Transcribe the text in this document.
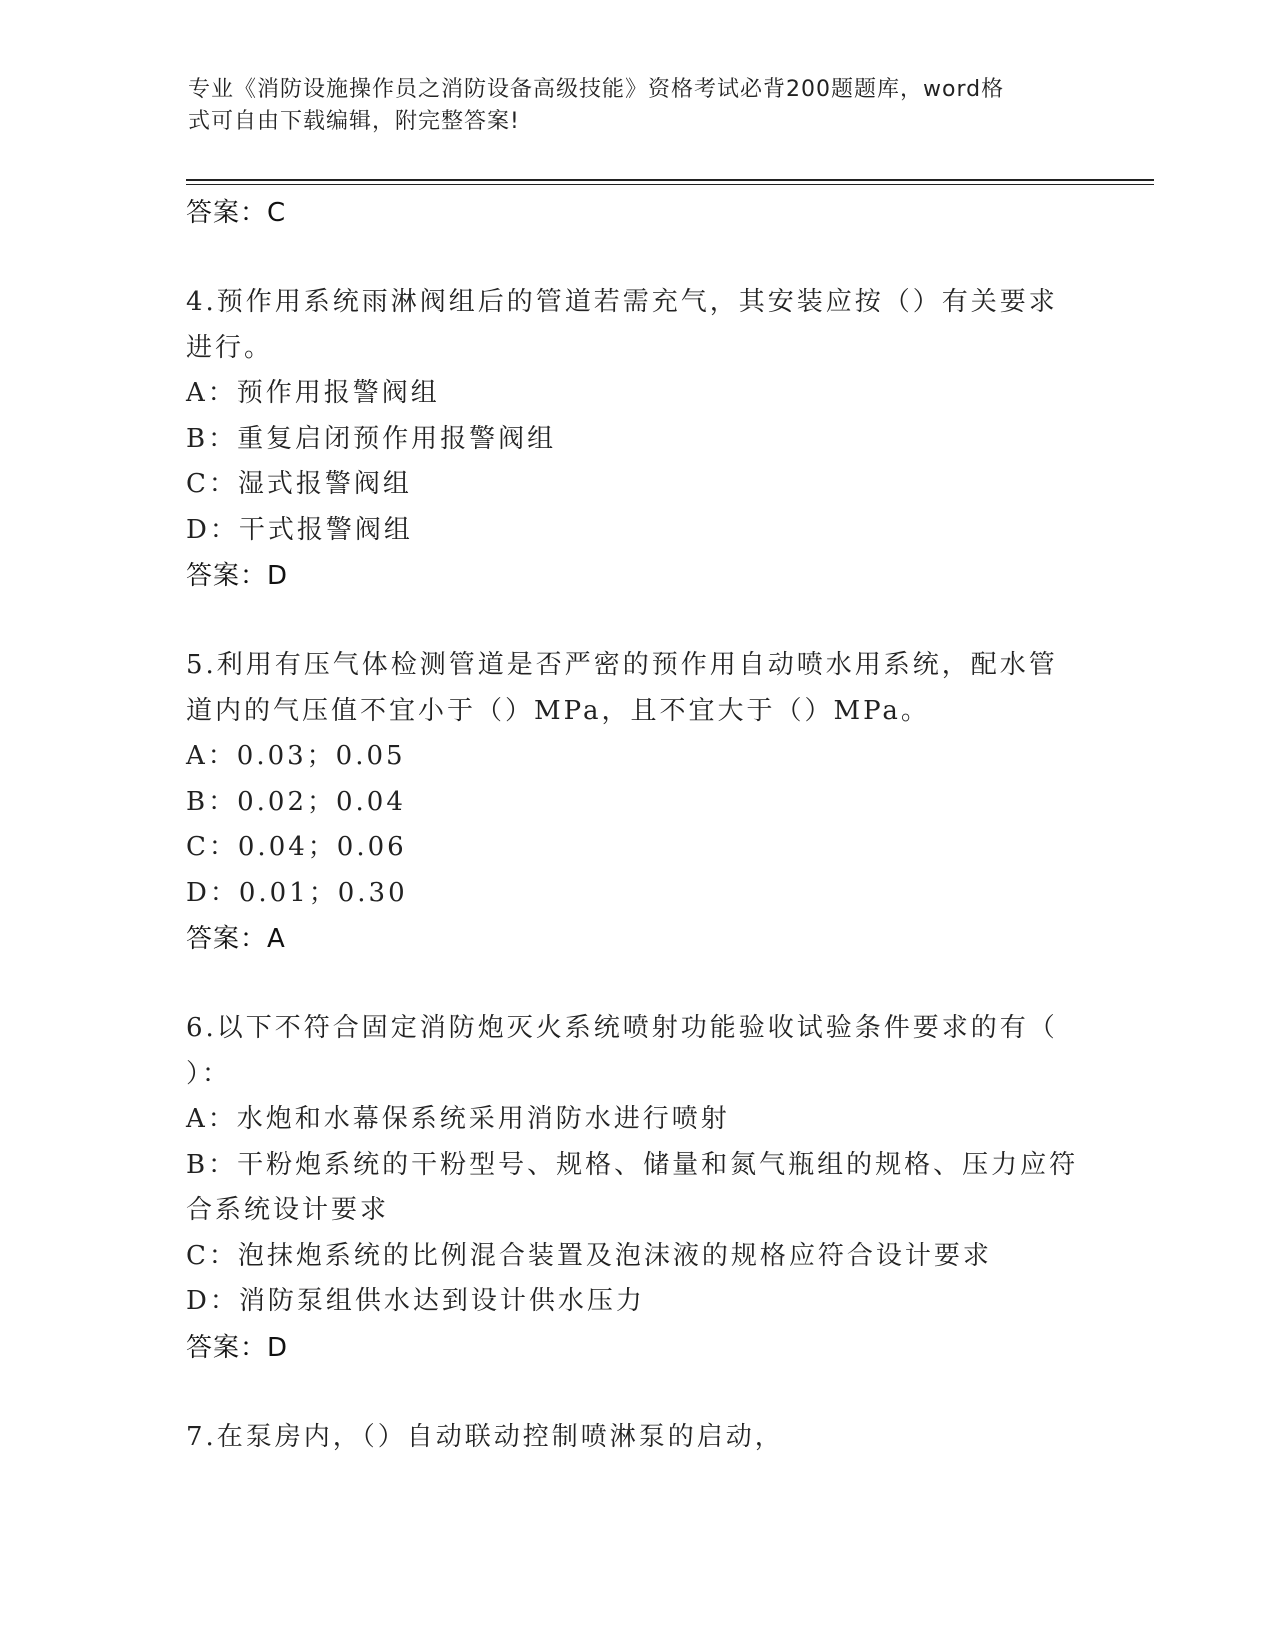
专业《消防设施操作员之消防设备高级技能》资格考试必背200题题库，word格
式可自由下载编辑，附完整答案!
答案：C
4.预作用系统雨淋阀组后的管道若需充气，其安装应按（）有关要求
进行。
A：预作用报警阀组
B：重复启闭预作用报警阀组
C：湿式报警阀组
D：干式报警阀组
答案：D
5.利用有压气体检测管道是否严密的预作用自动喷水用系统，配水管
道内的气压值不宜小于（）MPa，且不宜大于（）MPa。
A：0.03；0.05
B：0.02；0.04
C：0.04；0.06
D：0.01；0.30
答案：A
6.以下不符合固定消防炮灭火系统喷射功能验收试验条件要求的有（
）：
A：水炮和水幕保系统采用消防水进行喷射
B：干粉炮系统的干粉型号、规格、储量和氮气瓶组的规格、压力应符
合系统设计要求
C：泡抹炮系统的比例混合装置及泡沫液的规格应符合设计要求
D：消防泵组供水达到设计供水压力
答案：D
7.在泵房内，（）自动联动控制喷淋泵的启动，
